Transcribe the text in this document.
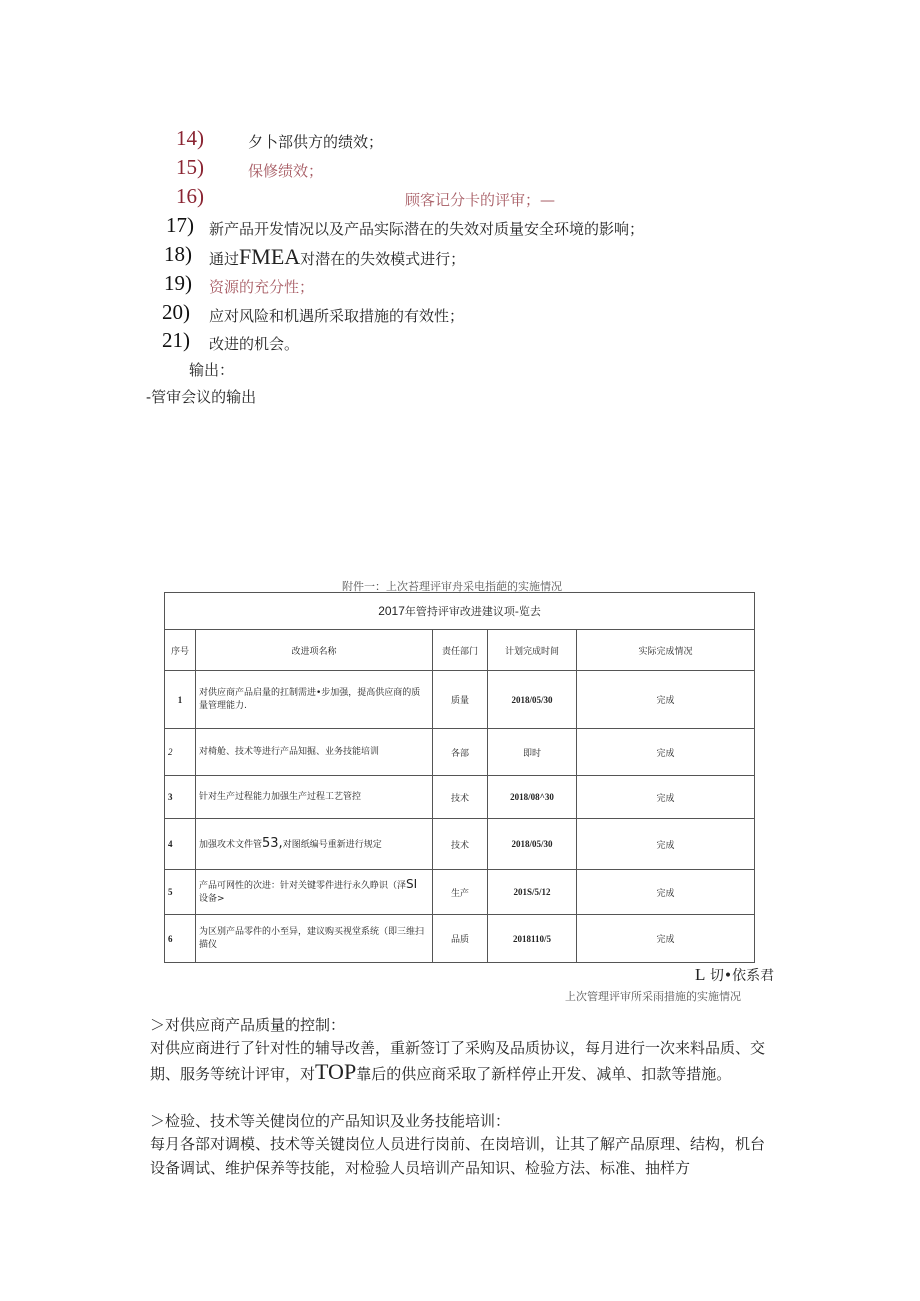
14)	夕卜部供方的绩效；
15)	保修绩效；
16)	顾客记分卡的评审；—
17) 新产品开发情况以及产品实际潜在的失效对质量安全环境的影响；
18) 通过FMEA对潜在的失效模式进行；
19) 资源的充分性；
20) 应对风险和机遇所采取措施的有效性；
21) 改进的机会。
输出：
-管审会议的输出
附件一：上次苔理评审舟采电指葩的实施情况
2017年管持评审改进建议项-览去				
序号	改进项名称	责任部门	计划完成时间	实际完成情况
1	对供应商产品启量的扛制需进•步加强，提高供应商的质量管理能力.	质量	2018/05/30	完成
2	对椅舱、技术等进行产品知掘、业务技能培训	各部	即时	完成
3	针对生产过程能力加强生产过程工艺管控	技术	2018/08^30	完成
4	加强攻术文件管53,对图纸编号重新进行规定	技术	2018/05/30	完成
5	产品可网性的次进：针对关键零件进行永久睁识（泽SI
设备>	生产	201S/5/12	完成
6	为区别产品零件的小至异，建议购买视堂系统（即三维扫描仪	品质	2018110/5	完成
L 切•依系君
上次管理评审所采雨措施的实施情况
＞对供应商产品质量的控制：
对供应商进行了针对性的辅导改善，重新签订了采购及品质协议，每月进行一次来料品质、交期、服务等统计评审，对TOP靠后的供应商采取了新样停止开发、减单、扣款等措施。
＞检验、技术等关健岗位的产品知识及业务技能培训：
每月各部对调模、技术等关键岗位人员进行岗前、在岗培训，让其了解产品原理、结构，机台设备调试、维护保养等技能，对检验人员培训产品知识、检验方法、标准、抽样方
